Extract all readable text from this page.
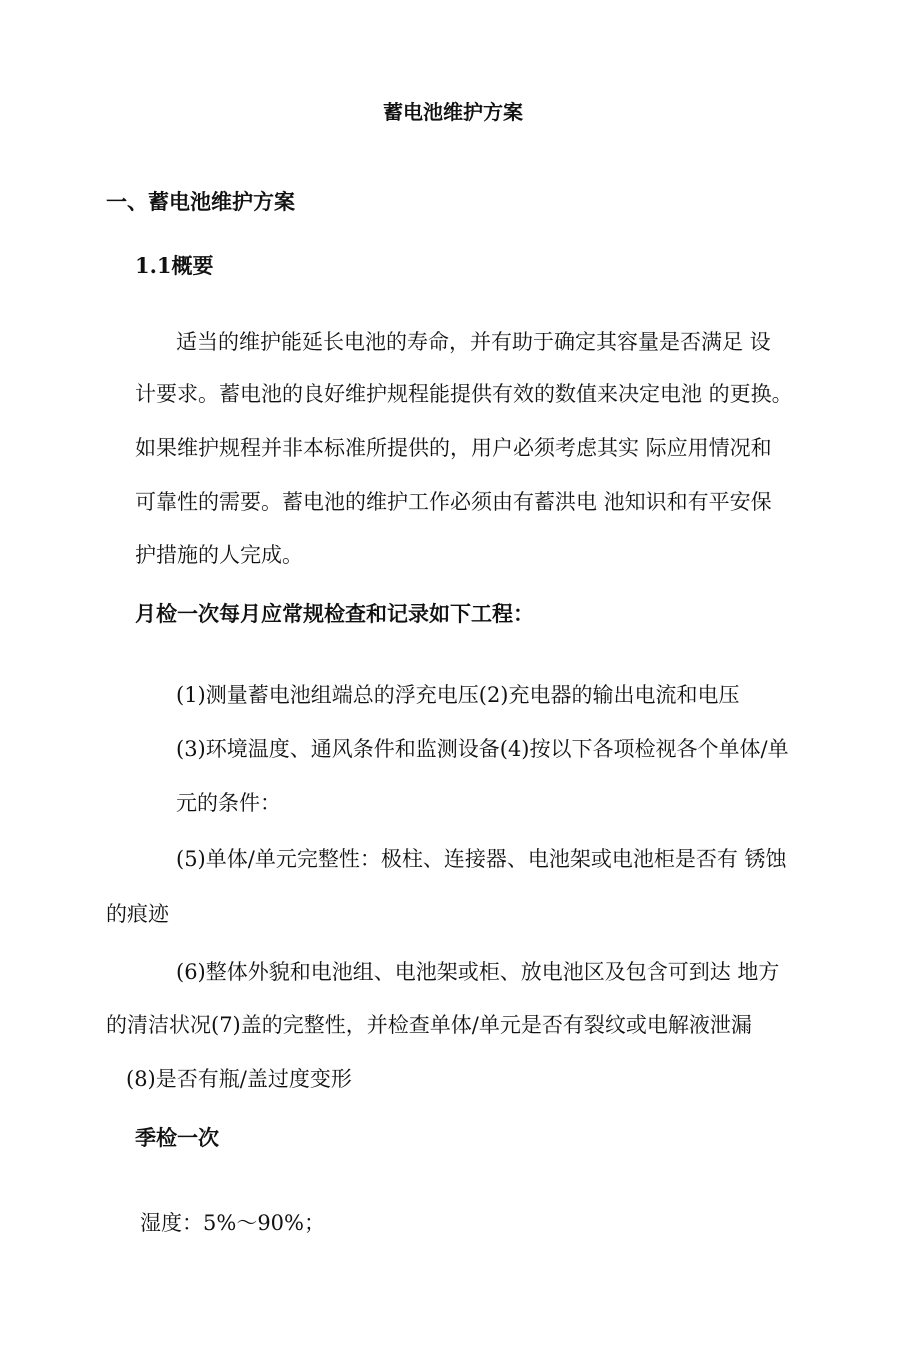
蓄电池维护方案
一、蓄电池维护方案
1.1概要
适当的维护能延长电池的寿命，并有助于确定其容量是否满足 设
计要求。蓄电池的良好维护规程能提供有效的数值来决定电池 的更换。
如果维护规程并非本标准所提供的，用户必须考虑其实 际应用情况和
可靠性的需要。蓄电池的维护工作必须由有蓄洪电 池知识和有平安保
护措施的人完成。
月检一次每月应常规检查和记录如下工程：
(1)测量蓄电池组端总的浮充电压(2)充电器的输出电流和电压
(3)环境温度、通风条件和监测设备(4)按以下各项检视各个单体/单
元的条件：
(5)单体/单元完整性：极柱、连接器、电池架或电池柜是否有 锈蚀
的痕迹
(6)整体外貌和电池组、电池架或柜、放电池区及包含可到达 地方
的清洁状况(7)盖的完整性，并检查单体/单元是否有裂纹或电解液泄漏
(8)是否有瓶/盖过度变形
季检一次
湿度：5%～90%；
